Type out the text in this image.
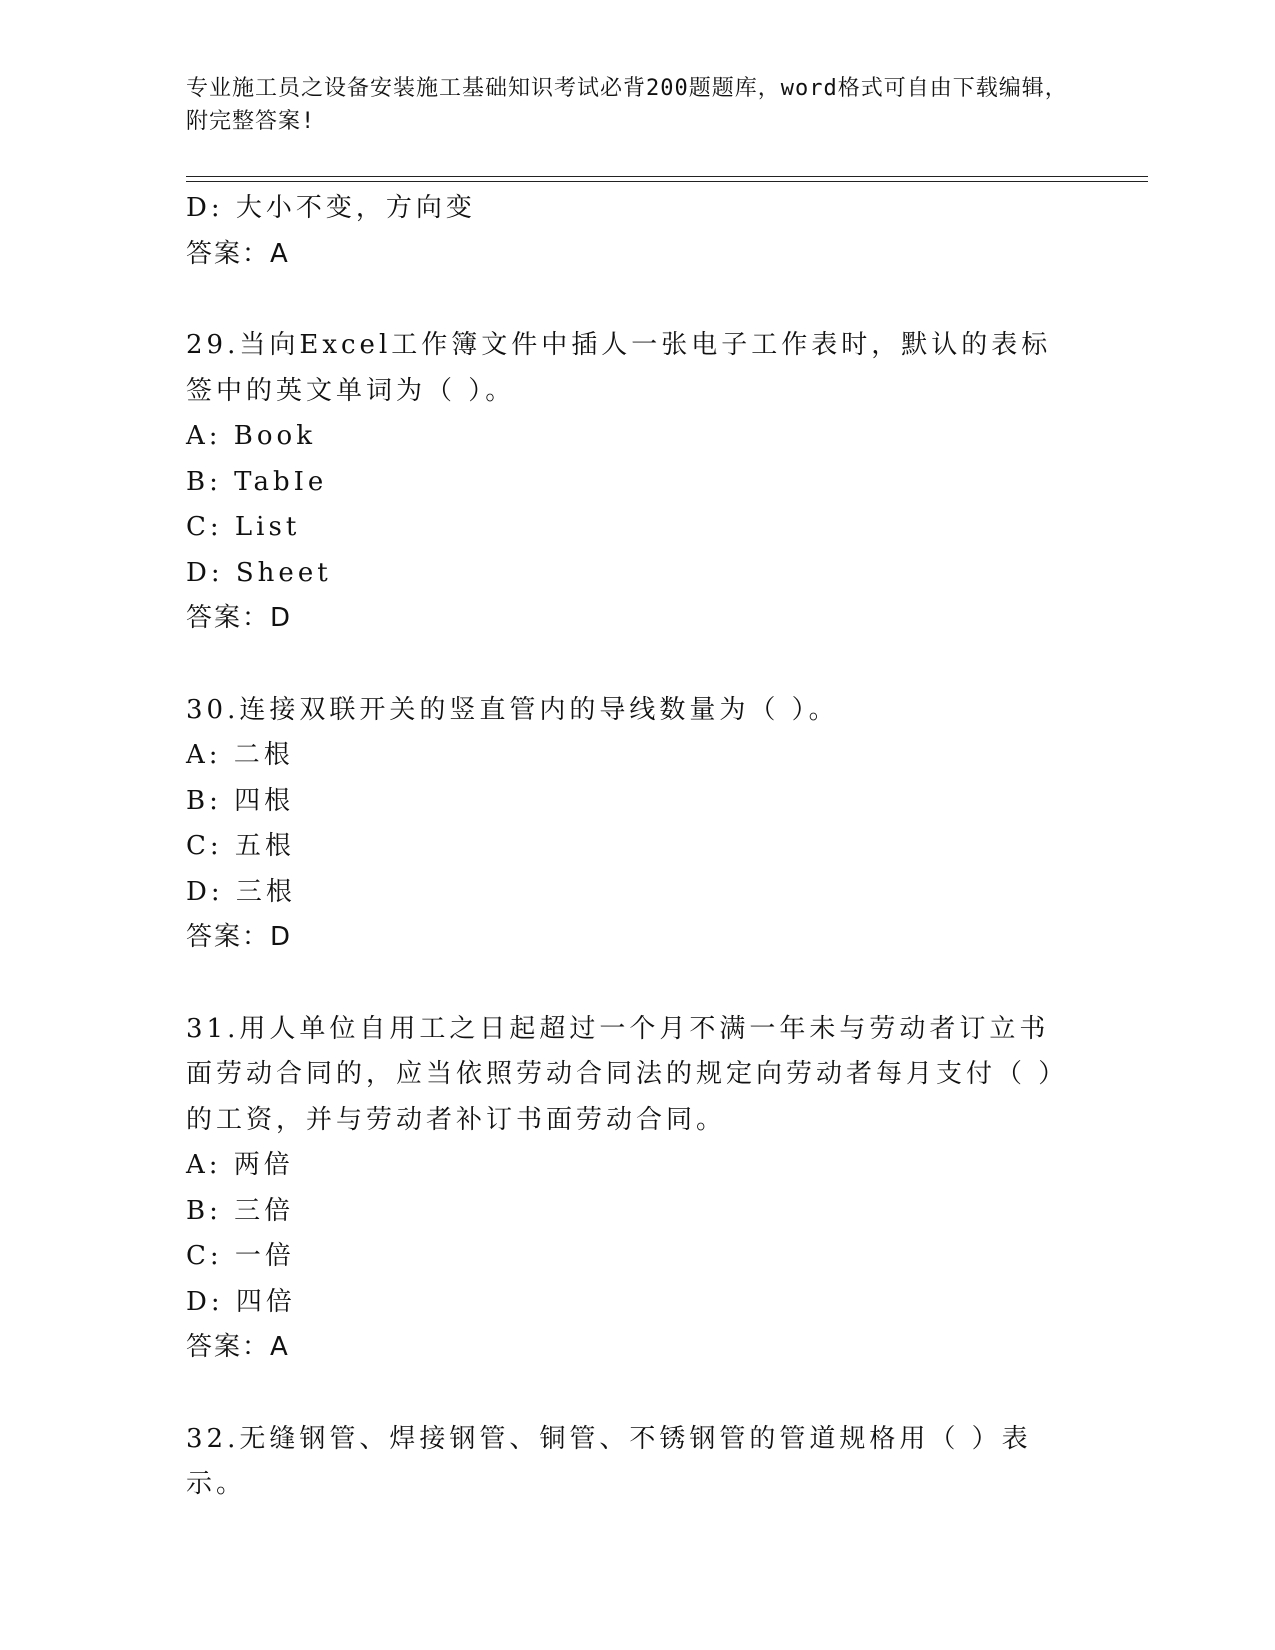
专业施工员之设备安装施工基础知识考试必背200题题库，word格式可自由下载编辑，附完整答案!
D: 大小不变，方向变
答案：A
29.当向Excel工作簿文件中插人一张电子工作表时，默认的表标签中的英文单词为（ ）。
A: Book
B: TabIe
C: List
D: Sheet
答案：D
30.连接双联开关的竖直管内的导线数量为（ ）。
A: 二根
B: 四根
C: 五根
D: 三根
答案：D
31.用人单位自用工之日起超过一个月不满一年未与劳动者订立书面劳动合同的，应当依照劳动合同法的规定向劳动者每月支付（ ）的工资，并与劳动者补订书面劳动合同。
A: 两倍
B: 三倍
C: 一倍
D: 四倍
答案：A
32.无缝钢管、焊接钢管、铜管、不锈钢管的管道规格用（ ）表示。
